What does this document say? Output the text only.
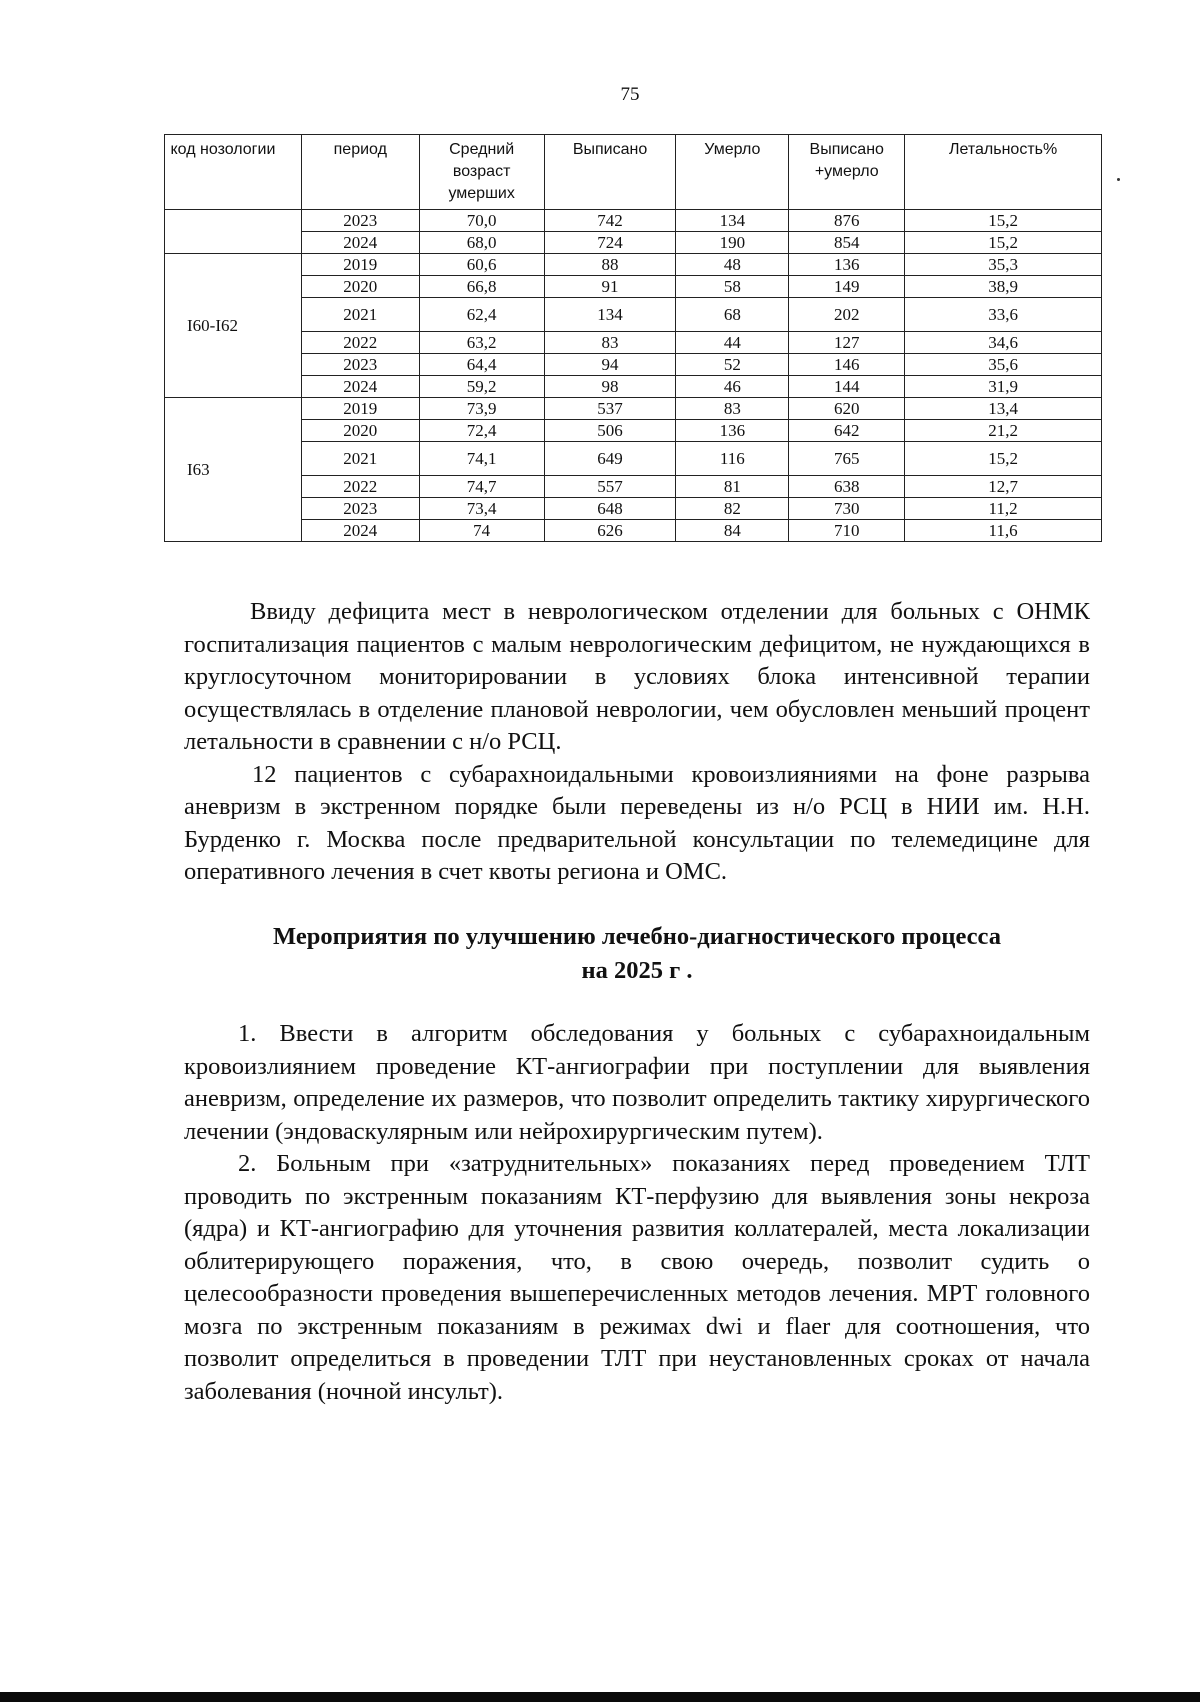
75
код нозологии	период	Средний возраст умерших	Выписано	Умерло	Выписано +умерло	Летальность%
	2023	70,0	742	134	876	15,2
	2024	68,0	724	190	854	15,2
I60-I62	2019	60,6	88	48	136	35,3
	2020	66,8	91	58	149	38,9
	2021	62,4	134	68	202	33,6
	2022	63,2	83	44	127	34,6
	2023	64,4	94	52	146	35,6
	2024	59,2	98	46	144	31,9
I63	2019	73,9	537	83	620	13,4
	2020	72,4	506	136	642	21,2
	2021	74,1	649	116	765	15,2
	2022	74,7	557	81	638	12,7
	2023	73,4	648	82	730	11,2
	2024	74	626	84	710	11,6

Ввиду дефицита мест в неврологическом отделении для больных с ОНМК госпитализация пациентов с малым неврологическим дефицитом, не нуждающихся в круглосуточном мониторировании в условиях блока интенсивной терапии осуществлялась в отделение плановой неврологии, чем обусловлен меньший процент летальности в сравнении с н/о РСЦ.

12 пациентов с субарахноидальными кровоизлияниями на фоне разрыва аневризм в экстренном порядке были переведены из н/о РСЦ в НИИ им. Н.Н. Бурденко г. Москва после предварительной консультации по телемедицине для оперативного лечения в счет квоты региона и ОМС.

Мероприятия по улучшению лечебно-диагностического процесса
на 2025 г .

1. Ввести в алгоритм обследования у больных с субарахноидальным кровоизлиянием проведение КТ-ангиографии при поступлении для выявления аневризм, определение их размеров, что позволит определить тактику хирургического лечении (эндоваскулярным или нейрохирургическим путем).

2. Больным при «затруднительных» показаниях перед проведением ТЛТ проводить по экстренным показаниям КТ-перфузию для выявления зоны некроза (ядра) и КТ-ангиографию для уточнения развития коллатералей, места локализации облитерирующего поражения, что, в свою очередь, позволит судить о целесообразности проведения вышеперечисленных методов лечения. МРТ головного мозга по экстренным показаниям в режимах dwi и flaer для соотношения, что позволит определиться в проведении ТЛТ при неустановленных сроках от начала заболевания (ночной инсульт).
